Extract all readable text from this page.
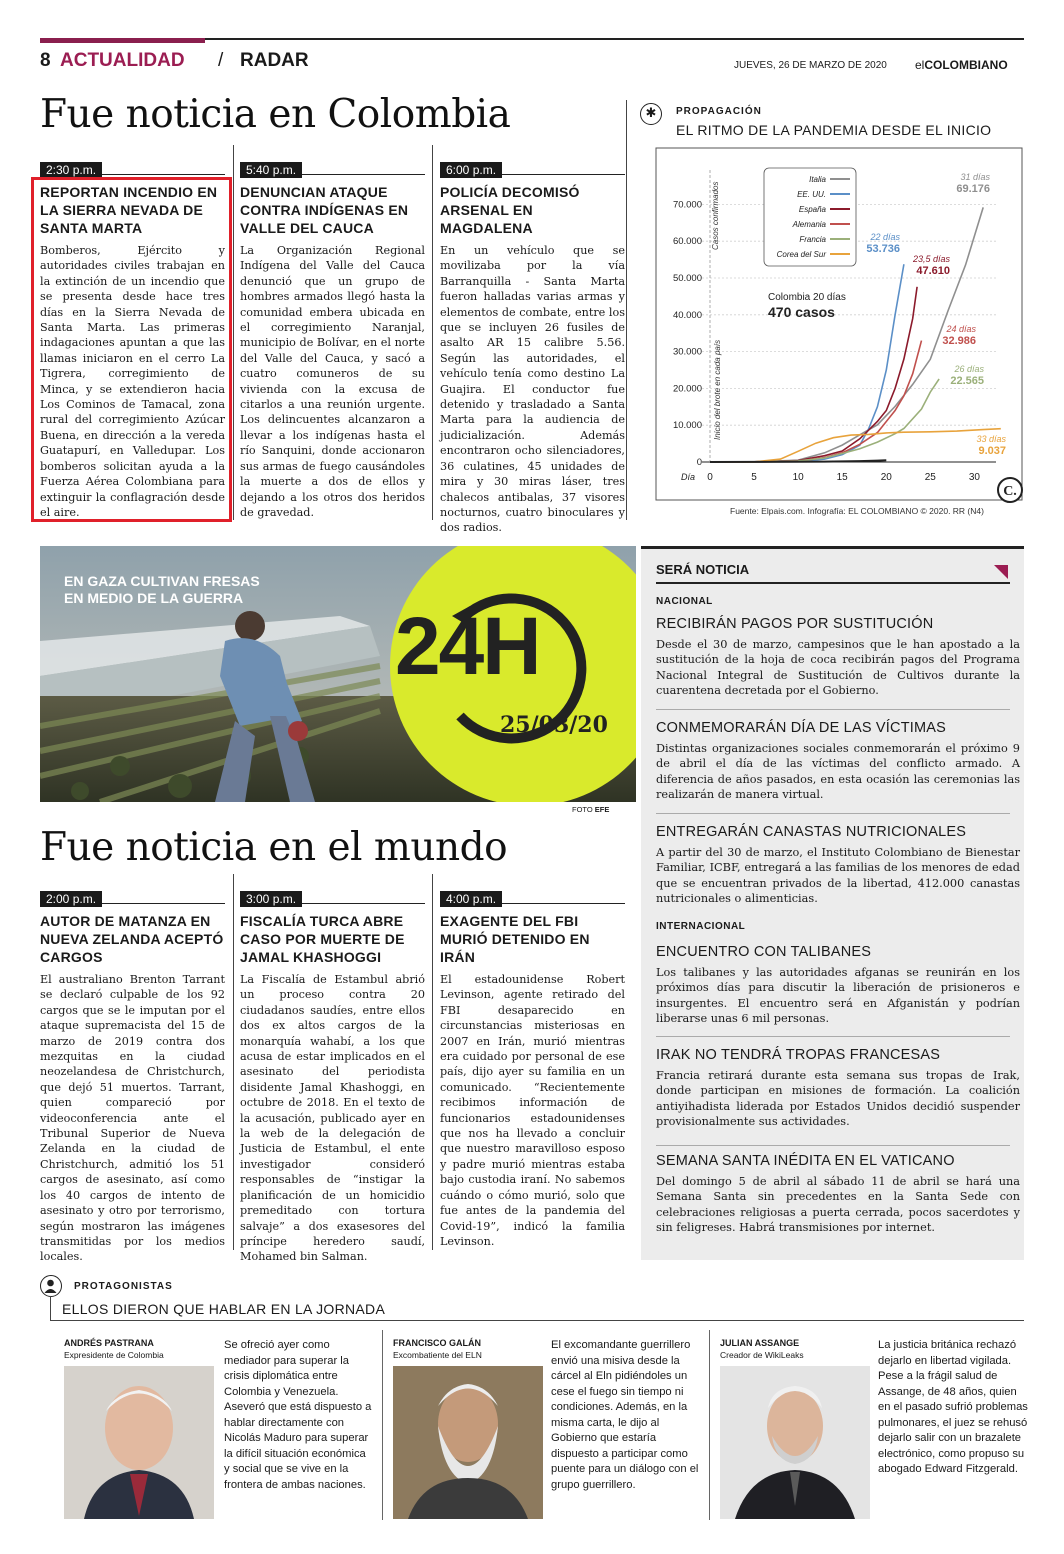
8 ACTUALIDAD / RADAR	JUEVES, 26 DE MARZO DE 2020 elCOLOMBIANO
Fue noticia en Colombia
2:30 p.m.
REPORTAN INCENDIO EN LA SIERRA NEVADA DE SANTA MARTA
Bomberos, Ejército y autoridades civiles trabajan en la extinción de un incendio que se presenta desde hace tres días en la Sierra Nevada de Santa Marta. Las primeras indagaciones apuntan a que las llamas iniciaron en el cerro La Tigrera, corregimiento de Minca, y se extendieron hacia Los Cominos de Tamacal, zona rural del corregimiento Azúcar Buena, en dirección a la vereda Guatapurí, en Valledupar. Los bomberos solicitan ayuda a la Fuerza Aérea Colombiana para extinguir la conflagración desde el aire.
5:40 p.m.
DENUNCIAN ATAQUE CONTRA INDÍGENAS EN VALLE DEL CAUCA
La Organización Regional Indígena del Valle del Cauca denunció que un grupo de hombres armados llegó hasta la comunidad embera ubicada en el corregimiento Naranjal, municipio de Bolívar, en el norte del Valle del Cauca, y sacó a cuatro comuneros de su vivienda con la excusa de citarlos a una reunión urgente. Los delincuentes alcanzaron a llevar a los indígenas hasta el río Sanquini, donde accionaron sus armas de fuego causándoles la muerte a dos de ellos y dejando a los otros dos heridos de gravedad.
6:00 p.m.
POLICÍA DECOMISÓ ARSENAL EN MAGDALENA
En un vehículo que se movilizaba por la vía Barranquilla - Santa Marta fueron halladas varias armas y elementos de combate, entre los que se incluyen 26 fusiles de asalto AR 15 calibre 5.56. Según las autoridades, el vehículo tenía como destino La Guajira. El conductor fue detenido y trasladado a Santa Marta para la audiencia de judicialización. Además encontraron ocho silenciadores, 36 culatines, 45 unidades de mira y 30 miras láser, tres chalecos antibalas, 37 visores nocturnos, cuatro binoculares y dos radios.
✱	PROPAGACIÓN
EL RITMO DE LA PANDEMIA DESDE EL INICIO
0
10.000
20.000
30.000
40.000
50.000
60.000
70.000
Día 0	5	10	15	20	25	30
Inicio del brote en cada país
Casos confirmados
31 días
69.176
22 días
53.736
23,5 días
47.610
24 días
32.986
26 días
22.565
33 días
9.037
Colombia 20 días
470 casos
Italia
EE. UU.
España
Alemania
Francia
Corea del Sur
C.
Fuente: Elpais.com. Infografía: EL COLOMBIANO © 2020. RR (N4)
24H
25/03/20
EN GAZA CULTIVAN FRESAS EN MEDIO DE LA GUERRA
FOTO EFE
SERÁ NOTICIA
NACIONAL
RECIBIRÁN PAGOS POR SUSTITUCIÓN
Desde el 30 de marzo, campesinos que le han apostado a la sustitución de la hoja de coca recibirán pagos del Programa Nacional Integral de Sustitución de Cultivos durante la cuarentena decretada por el Gobierno.
CONMEMORARÁN DÍA DE LAS VÍCTIMAS
Distintas organizaciones sociales conmemorarán el próximo 9 de abril el día de las víctimas del conflicto armado. A diferencia de años pasados, en esta ocasión las ceremonias las realizarán de manera virtual.
ENTREGARÁN CANASTAS NUTRICIONALES
A partir del 30 de marzo, el Instituto Colombiano de Bienestar Familiar, ICBF, entregará a las familias de los menores de edad que se encuentran privados de la libertad, 412.000 canastas nutricionales o alimenticias.
INTERNACIONAL
ENCUENTRO CON TALIBANES
Los talibanes y las autoridades afganas se reunirán en los próximos días para discutir la liberación de prisioneros e insurgentes. El encuentro será en Afganistán y podrían liberarse unas 6 mil personas.
IRAK NO TENDRÁ TROPAS FRANCESAS
Francia retirará durante esta semana sus tropas de Irak, donde participan en misiones de formación. La coalición antiyihadista liderada por Estados Unidos decidió suspender provisionalmente sus actividades.
SEMANA SANTA INÉDITA EN EL VATICANO
Del domingo 5 de abril al sábado 11 de abril se hará una Semana Santa sin precedentes en la Santa Sede con celebraciones religiosas a puerta cerrada, pocos sacerdotes y sin feligreses. Habrá transmisiones por internet.
Fue noticia en el mundo
2:00 p.m.
AUTOR DE MATANZA EN NUEVA ZELANDA ACEPTÓ CARGOS
El australiano Brenton Tarrant se declaró culpable de los 92 cargos que se le imputan por el ataque supremacista del 15 de marzo de 2019 contra dos mezquitas en la ciudad neozelandesa de Christchurch, que dejó 51 muertos. Tarrant, quien compareció por videoconferencia ante el Tribunal Superior de Nueva Zelanda en la ciudad de Christchurch, admitió los 51 cargos de asesinato, así como los 40 cargos de intento de asesinato y otro por terrorismo, según mostraron las imágenes transmitidas por los medios locales.
3:00 p.m.
FISCALÍA TURCA ABRE CASO POR MUERTE DE JAMAL KHASHOGGI
La Fiscalía de Estambul abrió un proceso contra 20 ciudadanos saudíes, entre ellos dos ex altos cargos de la monarquía wahabí, a los que acusa de estar implicados en el asesinato del periodista disidente Jamal Khashoggi, en octubre de 2018. En el texto de la acusación, publicado ayer en la web de la delegación de Justicia de Estambul, el ente investigador consideró responsables de “instigar la planificación de un homicidio premeditado con tortura salvaje” a dos exasesores del príncipe heredero saudí, Mohamed bin Salman.
4:00 p.m.
EXAGENTE DEL FBI MURIÓ DETENIDO EN IRÁN
El estadounidense Robert Levinson, agente retirado del FBI desaparecido en circunstancias misteriosas en 2007 en Irán, murió mientras era cuidado por personal de ese país, dijo ayer su familia en un comunicado. “Recientemente recibimos información de funcionarios estadounidenses que nos ha llevado a concluir que nuestro maravilloso esposo y padre murió mientras estaba bajo custodia iraní. No sabemos cuándo o cómo murió, solo que fue antes de la pandemia del Covid-19”, indicó la familia Levinson.
PROTAGONISTAS
ELLOS DIERON QUE HABLAR EN LA JORNADA
ANDRÉS PASTRANA
Expresidente de Colombia
Se ofreció ayer como mediador para superar la crisis diplomática entre Colombia y Venezuela. Aseveró que está dispuesto a hablar directamente con Nicolás Maduro para superar la difícil situación económica y social que se vive en la frontera de ambas naciones.
FRANCISCO GALÁN
Excombatiente del ELN
El excomandante guerrillero envió una misiva desde la cárcel al Eln pidiéndoles un cese el fuego sin tiempo ni condiciones. Además, en la misma carta, le dijo al Gobierno que estaría dispuesto a participar como puente para un diálogo con el grupo guerrillero.
JULIAN ASSANGE
Creador de WikiLeaks
La justicia británica rechazó dejarlo en libertad vigilada. Pese a la frágil salud de Assange, de 48 años, quien en el pasado sufrió problemas pulmonares, el juez se rehusó dejarlo salir con un brazalete electrónico, como propuso su abogado Edward Fitzgerald.
